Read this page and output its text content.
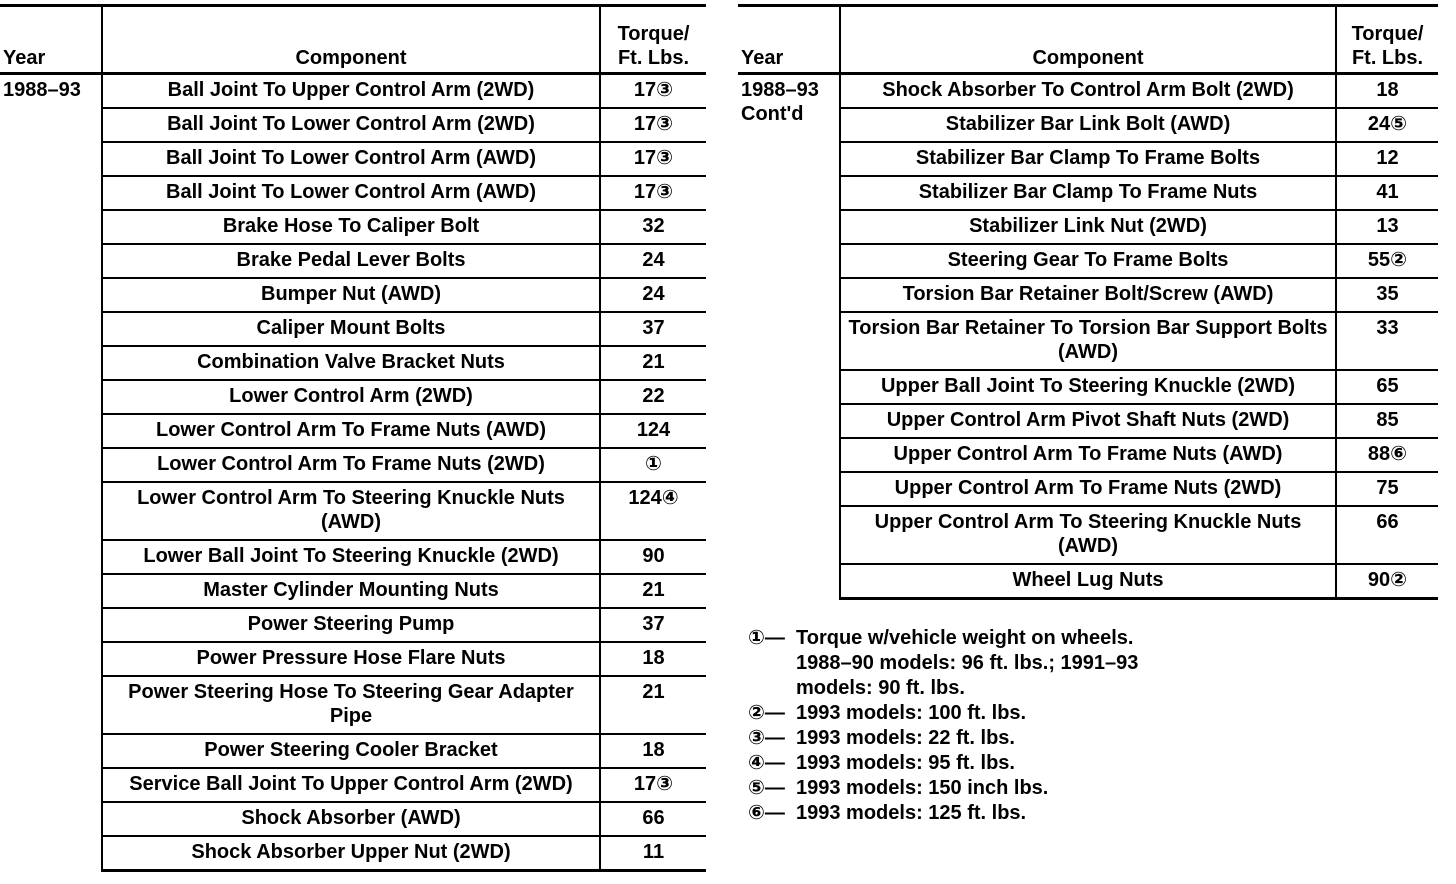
Year	Component	Torque/
Ft. Lbs.

1988–93	Ball Joint To Upper Control Arm (2WD)	17③
	Ball Joint To Lower Control Arm (2WD)	17③
	Ball Joint To Lower Control Arm (AWD)	17③
	Ball Joint To Lower Control Arm (AWD)	17③
	Brake Hose To Caliper Bolt	32
	Brake Pedal Lever Bolts	24
	Bumper Nut (AWD)	24
	Caliper Mount Bolts	37
	Combination Valve Bracket Nuts	21
	Lower Control Arm (2WD)	22
	Lower Control Arm To Frame Nuts (AWD)	124
	Lower Control Arm To Frame Nuts (2WD)	①
	Lower Control Arm To Steering Knuckle Nuts (AWD)	124④
	Lower Ball Joint To Steering Knuckle (2WD)	90
	Master Cylinder Mounting Nuts	21
	Power Steering Pump	37
	Power Pressure Hose Flare Nuts	18
	Power Steering Hose To Steering Gear Adapter Pipe	21
	Power Steering Cooler Bracket	18
	Service Ball Joint To Upper Control Arm (2WD)	17③
	Shock Absorber (AWD)	66
	Shock Absorber Upper Nut (2WD)	11
Year	Component	Torque/
Ft. Lbs.

1988–93
Cont'd	Shock Absorber To Control Arm Bolt (2WD)	18
	Stabilizer Bar Link Bolt (AWD)	24⑤
	Stabilizer Bar Clamp To Frame Bolts	12
	Stabilizer Bar Clamp To Frame Nuts	41
	Stabilizer Link Nut (2WD)	13
	Steering Gear To Frame Bolts	55②
	Torsion Bar Retainer Bolt/Screw (AWD)	35
	Torsion Bar Retainer To Torsion Bar Support Bolts (AWD)	33
	Upper Ball Joint To Steering Knuckle (2WD)	65
	Upper Control Arm Pivot Shaft Nuts (2WD)	85
	Upper Control Arm To Frame Nuts (AWD)	88⑥
	Upper Control Arm To Frame Nuts (2WD)	75
	Upper Control Arm To Steering Knuckle Nuts (AWD)	66
	Wheel Lug Nuts	90②
①— Torque w/vehicle weight on wheels.
1988–90 models: 96 ft. lbs.; 1991–93
models: 90 ft. lbs.
②— 1993 models: 100 ft. lbs.
③— 1993 models: 22 ft. lbs.
④— 1993 models: 95 ft. lbs.
⑤— 1993 models: 150 inch lbs.
⑥— 1993 models: 125 ft. lbs.
